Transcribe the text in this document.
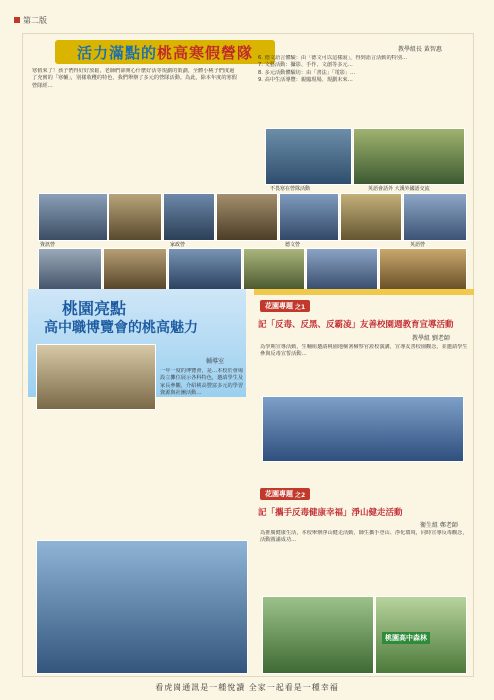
第二版
活力滿點的 桃高寒假營隊	教學組長 黃智惠
寒假來了！孩子們得好好放鬆，老師們卻開心什麼好活等規劃的策劃，全體小桃子們度過了充實的「寒輔」，別樣收穫的特色，我們舉辦了多元的營隊活動。為此，除本年度的寒假營隊經…
6. 德文語言體驗：由「德文可以這樣說」，得到語言活動的特別…
7. 文藝活動：攝影、手作、文創等多元…
8. 多元活動體驗坊：由「書法」「電影」…
9. 高中生活導覽：親臨現場、規劃未來…
不畏寒在營隊活動	英語會話外 大溪外國語交流
資訊營	家政營	德文營	英語營
桃園亮點
高中職博覽會的桃高魅力
輔導室
一年一度的博覽會，是…本校於會場設立攤位展示各科特色，邀請學生及家長參觀，介紹桃高豐富多元的學習資源與社團活動…
花園專題 之1
記「反毒、反黑、反霸凌」友善校園週教育宣導活動
教學組 劉老師
為學期宣導活動，生輔組邀請桃園地檢署檢察官蒞校演講，宣導友善校園觀念，並邀請學生參與反毒宣誓活動…
花園專題 之2
記「攜手反毒健康幸福」淨山健走活動
衛生組 鄭老師
為推廣健康生活，本校舉辦淨山健走活動，師生攜手登山、淨化環境，同時宣導反毒觀念，活動圓滿成功…
桃園高中森林
看虎崗通訊是一種悅讀 全家一起看是一種幸福
